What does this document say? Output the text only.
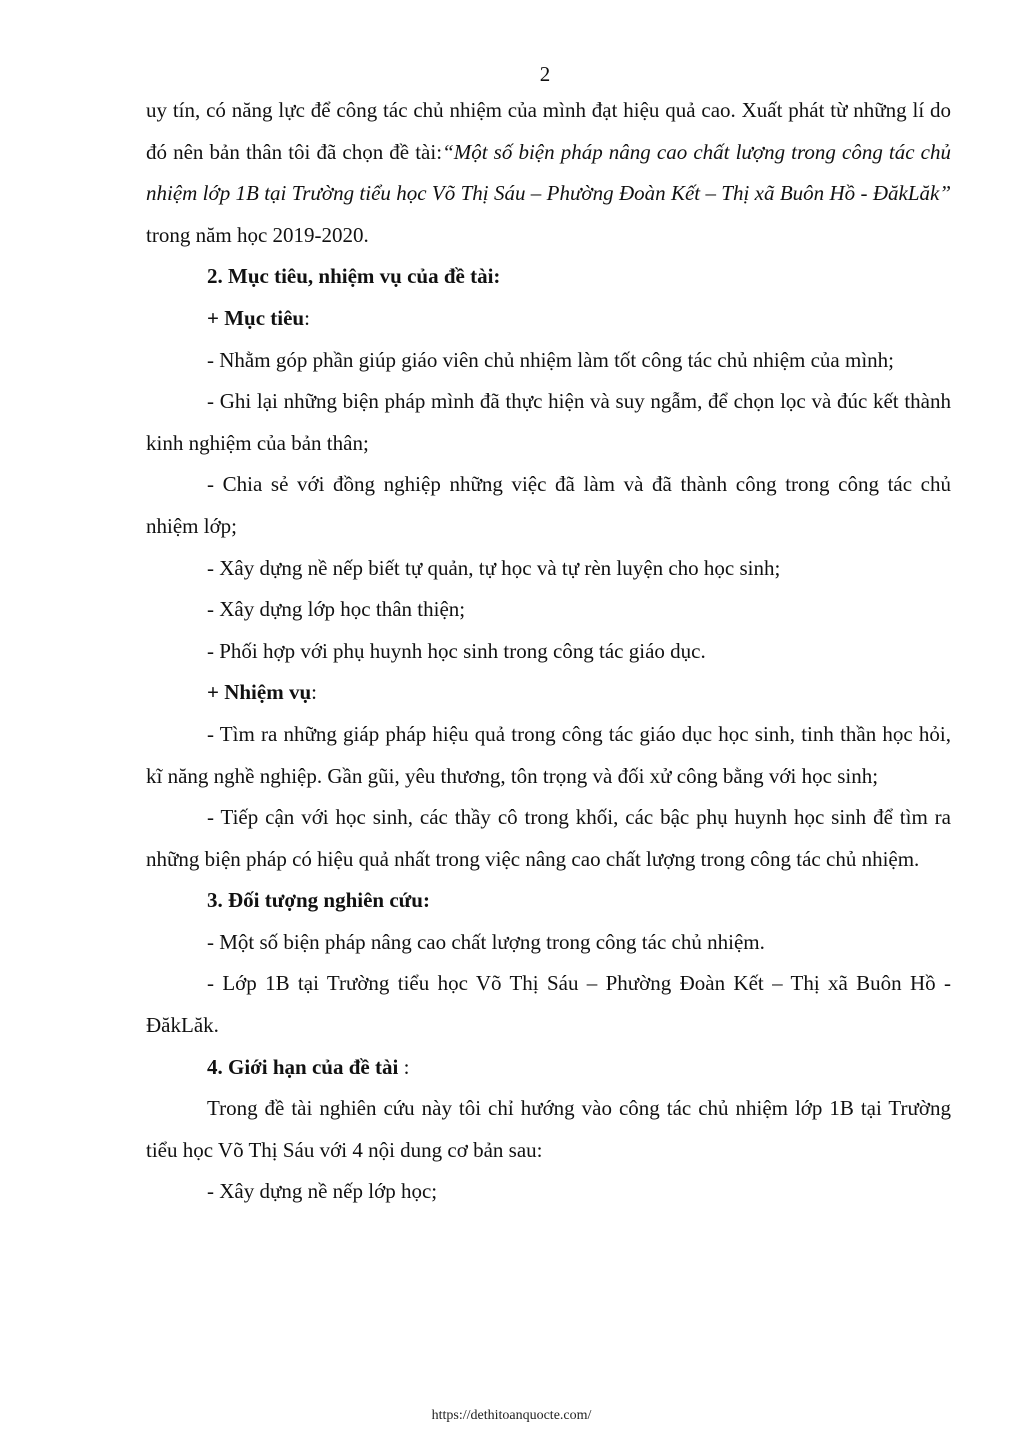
2

uy tín, có năng lực để công tác chủ nhiệm của mình đạt hiệu quả cao. Xuất phát từ những lí do đó nên bản thân tôi đã chọn đề tài:“Một số biện pháp nâng cao chất lượng trong công tác chủ nhiệm lớp 1B tại Trường tiểu học Võ Thị Sáu – Phường Đoàn Kết – Thị xã Buôn Hồ - ĐăkLăk” trong năm học 2019-2020.

2. Mục tiêu, nhiệm vụ của đề tài:

+ Mục tiêu:

- Nhằm góp phần giúp giáo viên chủ nhiệm làm tốt công tác chủ nhiệm của mình;

- Ghi lại những biện pháp mình đã thực hiện và suy ngẫm, để chọn lọc và đúc kết thành kinh nghiệm của bản thân;

- Chia sẻ với đồng nghiệp những việc đã làm và đã thành công trong công tác chủ nhiệm lớp;

- Xây dựng nề nếp biết tự quản, tự học và tự rèn luyện cho học sinh;

- Xây dựng lớp học thân thiện;

- Phối hợp với phụ huynh học sinh trong công tác giáo dục.

+ Nhiệm vụ:

- Tìm ra những giáp pháp hiệu quả trong công tác giáo dục học sinh, tinh thần học hỏi, kĩ năng nghề nghiệp. Gần gũi, yêu thương, tôn trọng và đối xử công bằng với học sinh;

- Tiếp cận với học sinh, các thầy cô trong khối, các bậc phụ huynh học sinh để tìm ra những biện pháp có hiệu quả nhất trong việc nâng cao chất lượng trong công tác chủ nhiệm.

3. Đối tượng nghiên cứu:

- Một số biện pháp nâng cao chất lượng trong công tác chủ nhiệm.

- Lớp 1B tại Trường tiểu học Võ Thị Sáu – Phường Đoàn Kết – Thị xã Buôn Hồ - ĐăkLăk.

4. Giới hạn của đề tài :

Trong đề tài nghiên cứu này tôi chỉ hướng vào công tác chủ nhiệm lớp 1B tại Trường tiểu học Võ Thị Sáu với 4 nội dung cơ bản sau:

- Xây dựng nề nếp lớp học;

https://dethitoanquocte.com/
